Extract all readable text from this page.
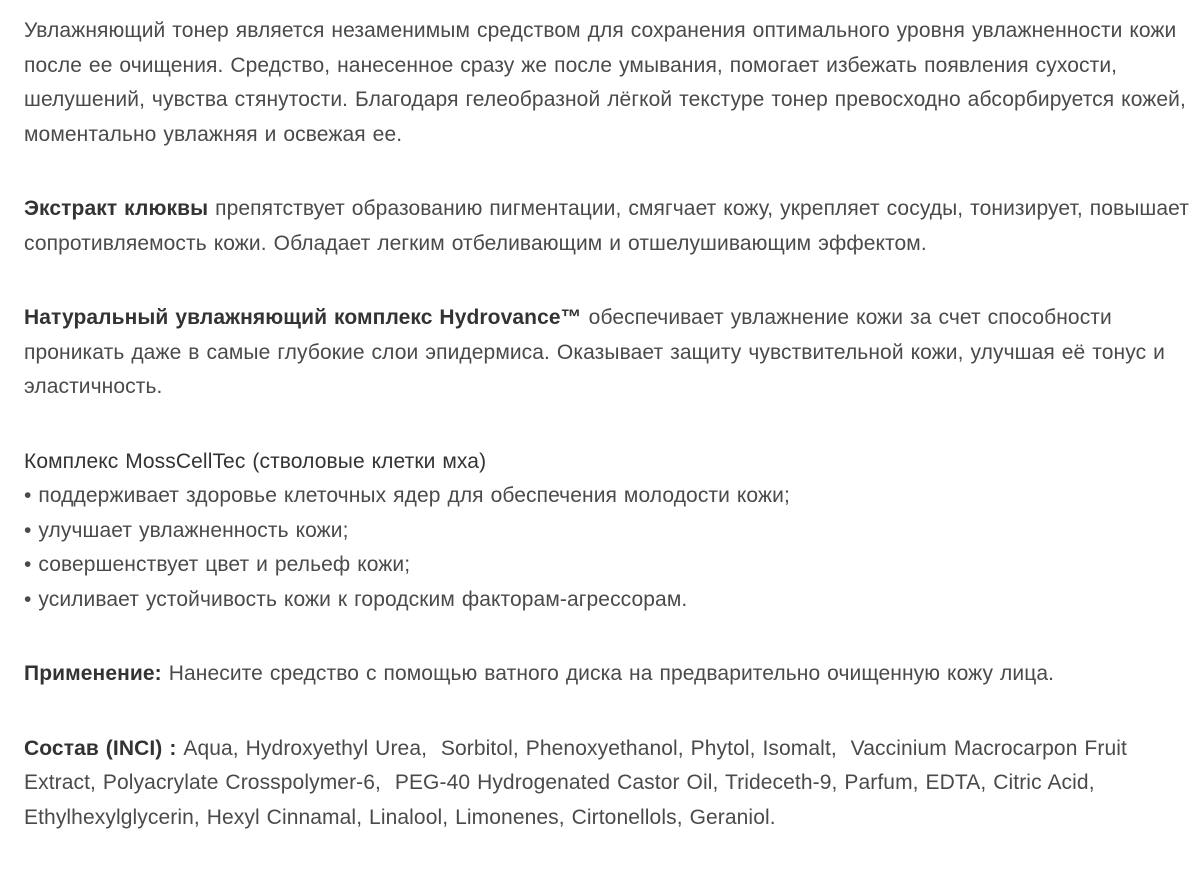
Увлажняющий тонер является незаменимым средством для сохранения оптимального уровня увлажненности кожи после ее очищения. Средство, нанесенное сразу же после умывания, помогает избежать появления сухости, шелушений, чувства стянутости. Благодаря гелеобразной лёгкой текстуре тонер превосходно абсорбируется кожей, моментально увлажняя и освежая ее.

Экстракт клюквы препятствует образованию пигментации, смягчает кожу, укрепляет сосуды, тонизирует, повышает сопротивляемость кожи. Обладает легким отбеливающим и отшелушивающим эффектом.

Натуральный увлажняющий комплекс Hydrovance™ обеспечивает увлажнение кожи за счет способности  проникать даже в самые глубокие слои эпидермиса. Оказывает защиту чувствительной кожи, улучшая её тонус и эластичность.

Комплекс MossCellTec (стволовые клетки мха)
• поддерживает здоровье клеточных ядер для обеспечения молодости кожи;
• улучшает увлажненность кожи;
• совершенствует цвет и рельеф кожи;
• усиливает устойчивость кожи к городским факторам-агрессорам.

Применение: Нанесите средство с помощью ватного диска на предварительно очищенную кожу лица.

Состав (INCI) : Aqua, Hydroxyethyl Urea,  Sorbitol, Phenoxyethanol, Phytol, Isomalt,  Vaccinium Macrocarpon Fruit Extract, Polyacrylate Crosspolymer-6,  PEG-40 Hydrogenated Castor Oil, Trideceth-9, Parfum, EDTA, Citric Acid, Ethylhexylglycerin, Hexyl Cinnamal, Linalool, Limonenes, Cirtonellols, Geraniol.
